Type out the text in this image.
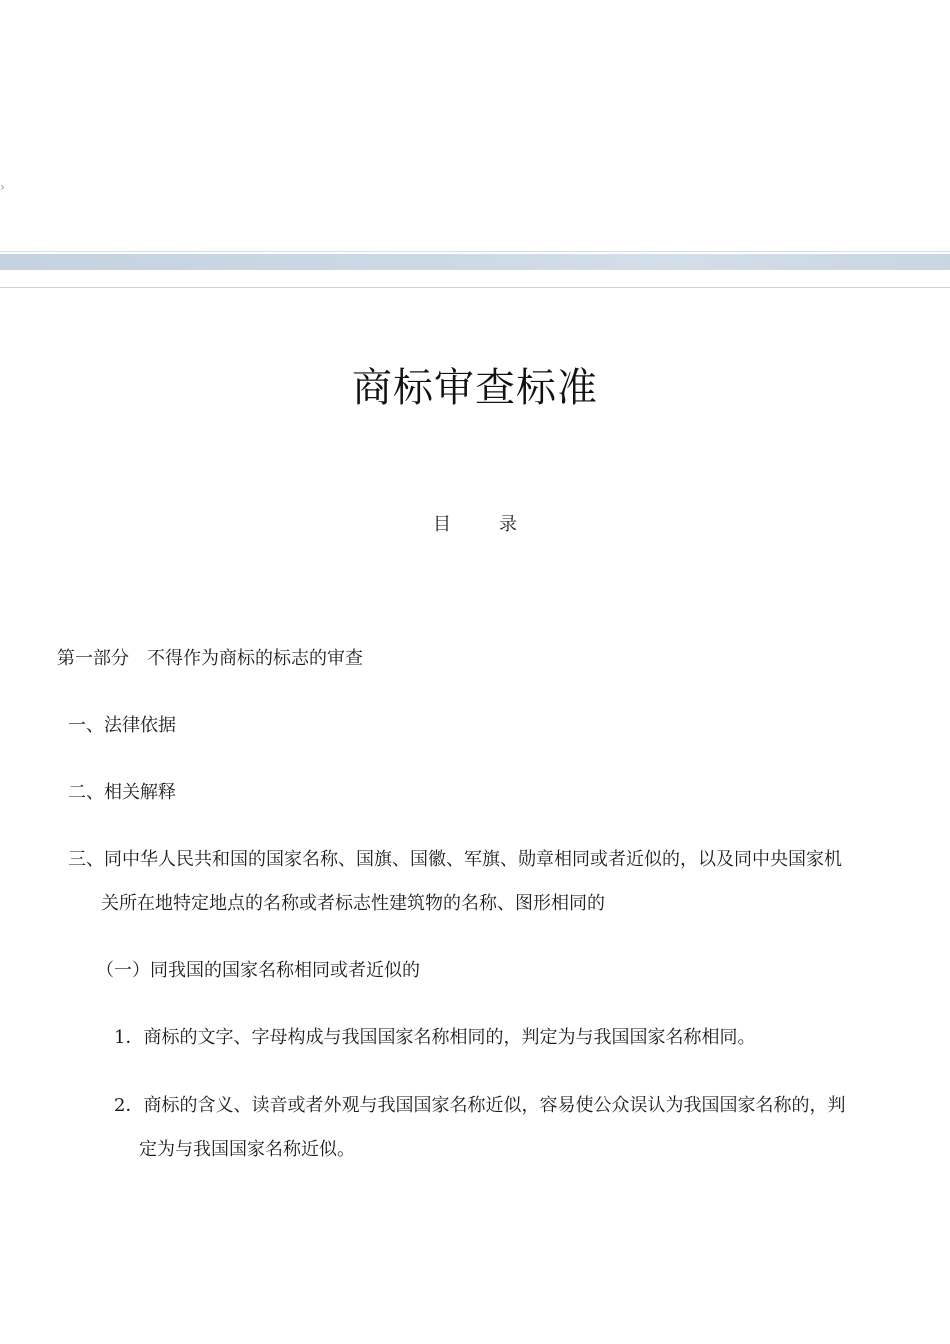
›
商标审查标准
目	录
第一部分　不得作为商标的标志的审查
一、法律依据
二、相关解释
三、同中华人民共和国的国家名称、国旗、国徽、军旗、勋章相同或者近似的，以及同中央国家机
关所在地特定地点的名称或者标志性建筑物的名称、图形相同的
（一）同我国的国家名称相同或者近似的
1．商标的文字、字母构成与我国国家名称相同的，判定为与我国国家名称相同。
2．商标的含义、读音或者外观与我国国家名称近似，容易使公众误认为我国国家名称的，判
定为与我国国家名称近似。
